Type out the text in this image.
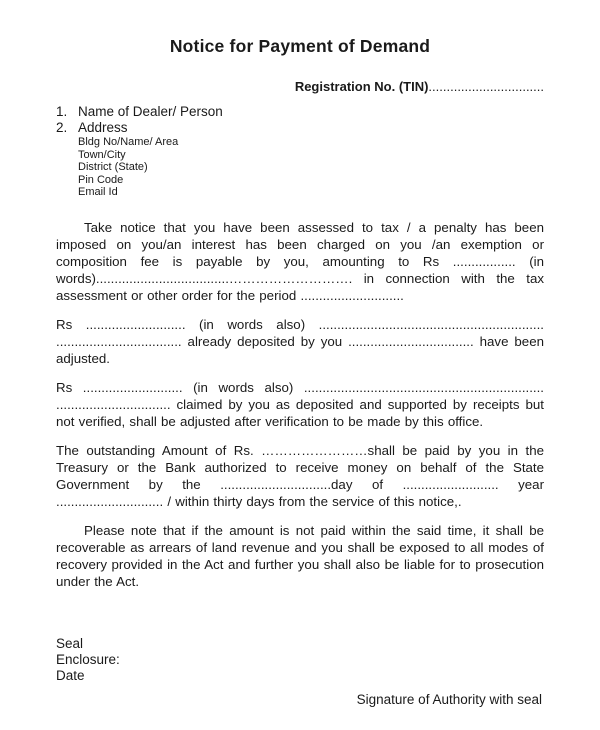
Notice for Payment of Demand
Registration No. (TIN)................................
1. Name of Dealer/ Person
2. Address
Bldg No/Name/ Area
Town/City
District (State)
Pin Code
Email Id

Take notice that you have been assessed to tax / a penalty has been imposed on you/an interest has been charged on you /an exemption or composition fee is payable by you, amounting to Rs ................. (in words)....................................………………………. in connection with the tax assessment or other order for the period ............................

Rs ........................... (in words also) ............................................................. .................................. already deposited by you .................................. have been adjusted.

Rs ........................... (in words also) ................................................................. ............................... claimed by you as deposited and supported by receipts but not verified, shall be adjusted after verification to be made by this office.

The outstanding Amount of Rs. ……………………shall be paid by you in the Treasury or the Bank authorized to receive money on behalf of the State Government by the ..............................day of .......................... year ............................. / within thirty days from the service of this notice,.

Please note that if the amount is not paid within the said time, it shall be recoverable as arrears of land revenue and you shall be exposed to all modes of recovery provided in the Act and further you shall also be liable for to prosecution under the Act.

Seal
Enclosure:
Date
Signature of Authority with seal
